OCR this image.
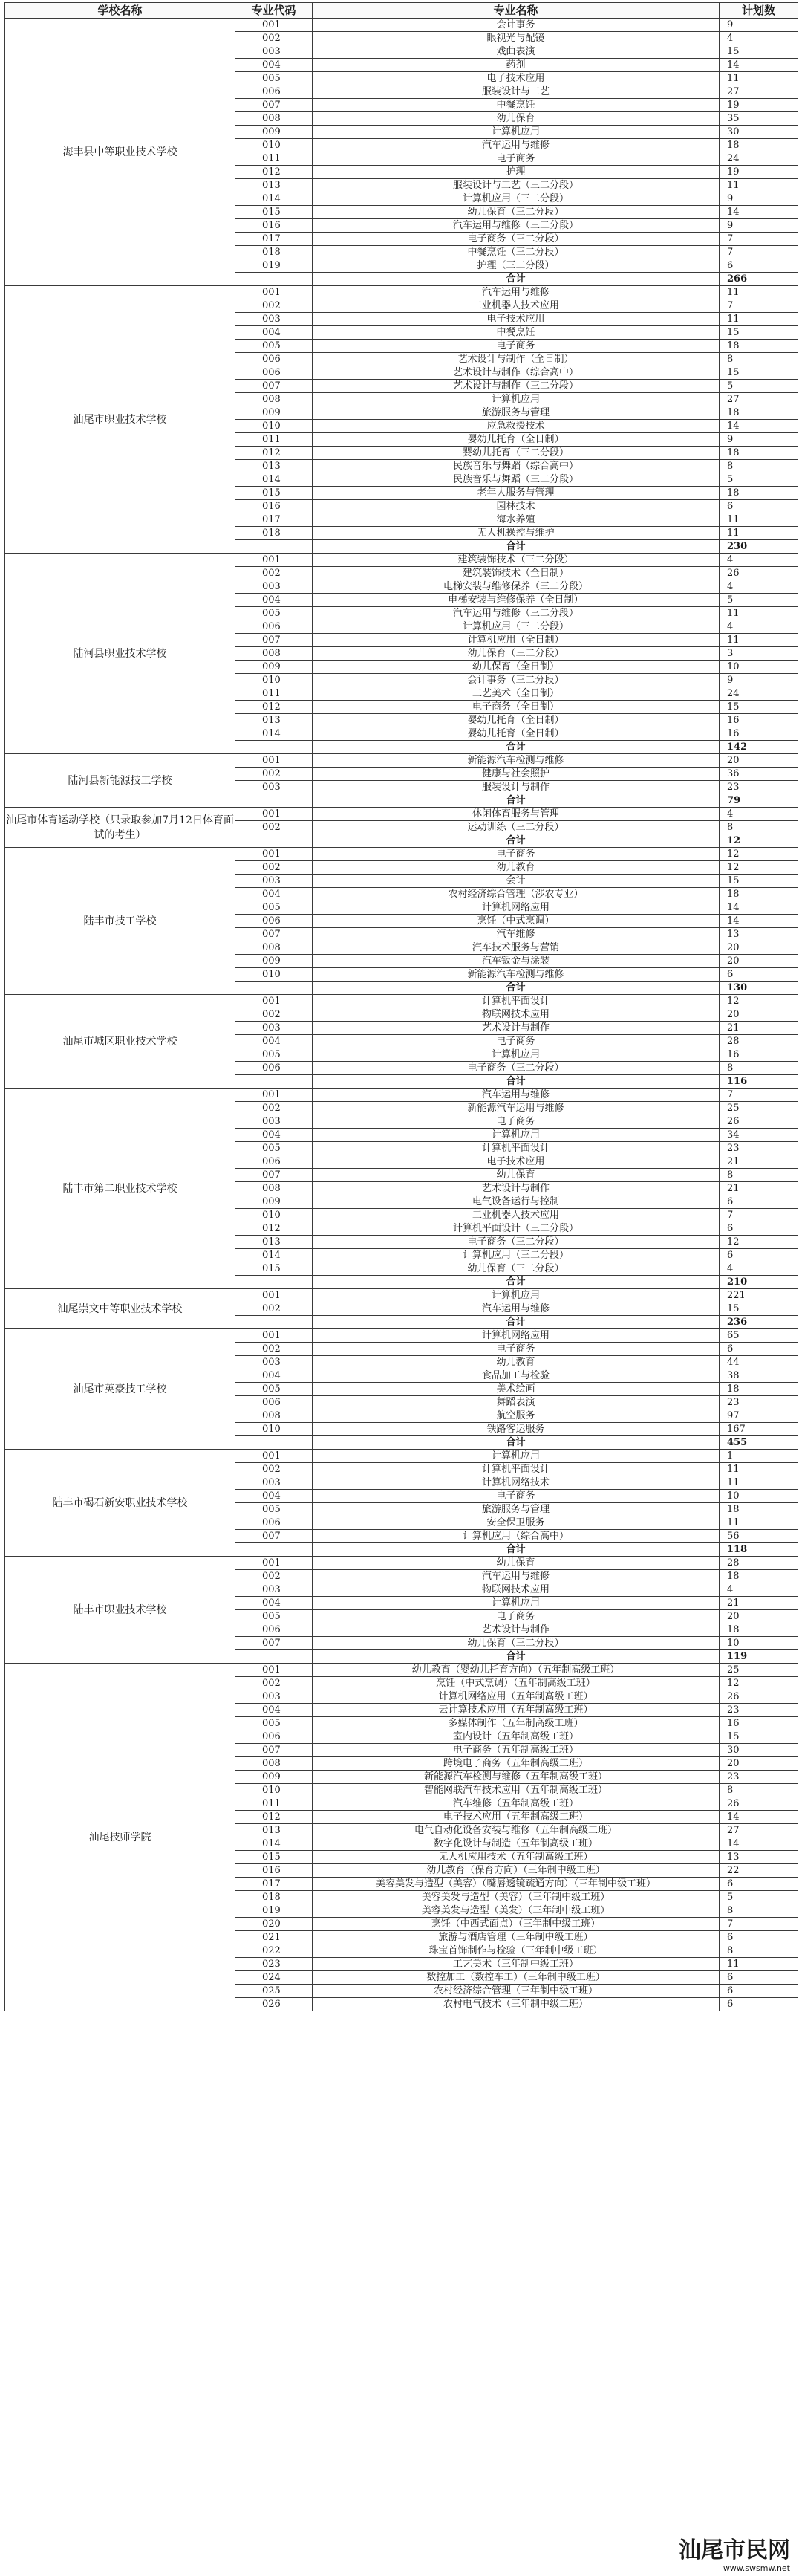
学校名称	专业代码	专业名称	计划数
海丰县中等职业技术学校	001	会计事务	9
	002	眼视光与配镜	4
	003	戏曲表演	15
	004	药剂	14
	005	电子技术应用	11
	006	服装设计与工艺	27
	007	中餐烹饪	19
	008	幼儿保育	35
	009	计算机应用	30
	010	汽车运用与维修	18
	011	电子商务	24
	012	护理	19
	013	服装设计与工艺（三二分段）	11
	014	计算机应用（三二分段）	9
	015	幼儿保育（三二分段）	14
	016	汽车运用与维修（三二分段）	9
	017	电子商务（三二分段）	7
	018	中餐烹饪（三二分段）	7
	019	护理（三二分段）	6
		合计	266
汕尾市职业技术学校	001	汽车运用与维修	11
	002	工业机器人技术应用	7
	003	电子技术应用	11
	004	中餐烹饪	15
	005	电子商务	18
	006	艺术设计与制作（全日制）	8
	006	艺术设计与制作（综合高中）	15
	007	艺术设计与制作（三二分段）	5
	008	计算机应用	27
	009	旅游服务与管理	18
	010	应急救援技术	14
	011	婴幼儿托育（全日制）	9
	012	婴幼儿托育（三二分段）	18
	013	民族音乐与舞蹈（综合高中）	8
	014	民族音乐与舞蹈（三二分段）	5
	015	老年人服务与管理	18
	016	园林技术	6
	017	海水养殖	11
	018	无人机操控与维护	11
		合计	230
陆河县职业技术学校	001	建筑装饰技术（三二分段）	4
	002	建筑装饰技术（全日制）	26
	003	电梯安装与维修保养（三二分段）	4
	004	电梯安装与维修保养（全日制）	5
	005	汽车运用与维修（三二分段）	11
	006	计算机应用（三二分段）	4
	007	计算机应用（全日制）	11
	008	幼儿保育（三二分段）	3
	009	幼儿保育（全日制）	10
	010	会计事务（三二分段）	9
	011	工艺美术（全日制）	24
	012	电子商务（全日制）	15
	013	婴幼儿托育（全日制）	16
	014	婴幼儿托育（全日制）	16
		合计	142
陆河县新能源技工学校	001	新能源汽车检测与维修	20
	002	健康与社会照护	36
	003	服装设计与制作	23
		合计	79
汕尾市体育运动学校（只录取参加7月12日体育面试的考生）	001	休闲体育服务与管理	4
	002	运动训练（三二分段）	8
		合计	12
陆丰市技工学校	001	电子商务	12
	002	幼儿教育	12
	003	会计	15
	004	农村经济综合管理（涉农专业）	18
	005	计算机网络应用	14
	006	烹饪（中式烹调）	14
	007	汽车维修	13
	008	汽车技术服务与营销	20
	009	汽车钣金与涂装	20
	010	新能源汽车检测与维修	6
		合计	130
汕尾市城区职业技术学校	001	计算机平面设计	12
	002	物联网技术应用	20
	003	艺术设计与制作	21
	004	电子商务	28
	005	计算机应用	16
	006	电子商务（三二分段）	8
		合计	116
陆丰市第二职业技术学校	001	汽车运用与维修	7
	002	新能源汽车运用与维修	25
	003	电子商务	26
	004	计算机应用	34
	005	计算机平面设计	23
	006	电子技术应用	21
	007	幼儿保育	8
	008	艺术设计与制作	21
	009	电气设备运行与控制	6
	010	工业机器人技术应用	7
	012	计算机平面设计（三二分段）	6
	013	电子商务（三二分段）	12
	014	计算机应用（三二分段）	6
	015	幼儿保育（三二分段）	4
		合计	210
汕尾崇文中等职业技术学校	001	计算机应用	221
	002	汽车运用与维修	15
		合计	236
汕尾市英豪技工学校	001	计算机网络应用	65
	002	电子商务	6
	003	幼儿教育	44
	004	食品加工与检验	38
	005	美术绘画	18
	006	舞蹈表演	23
	008	航空服务	97
	010	铁路客运服务	167
		合计	455
陆丰市碣石新安职业技术学校	001	计算机应用	1
	002	计算机平面设计	11
	003	计算机网络技术	11
	004	电子商务	10
	005	旅游服务与管理	18
	006	安全保卫服务	11
	007	计算机应用（综合高中）	56
		合计	118
陆丰市职业技术学校	001	幼儿保育	28
	002	汽车运用与维修	18
	003	物联网技术应用	4
	004	计算机应用	21
	005	电子商务	20
	006	艺术设计与制作	18
	007	幼儿保育（三二分段）	10
		合计	119
汕尾技师学院	001	幼儿教育（婴幼儿托育方向）（五年制高级工班）	25
	002	烹饪（中式烹调）（五年制高级工班）	12
	003	计算机网络应用（五年制高级工班）	26
	004	云计算技术应用（五年制高级工班）	23
	005	多媒体制作（五年制高级工班）	16
	006	室内设计（五年制高级工班）	15
	007	电子商务（五年制高级工班）	30
	008	跨境电子商务（五年制高级工班）	20
	009	新能源汽车检测与维修（五年制高级工班）	23
	010	智能网联汽车技术应用（五年制高级工班）	8
	011	汽车维修（五年制高级工班）	26
	012	电子技术应用（五年制高级工班）	14
	013	电气自动化设备安装与维修（五年制高级工班）	27
	014	数字化设计与制造（五年制高级工班）	14
	015	无人机应用技术（五年制高级工班）	13
	016	幼儿教育（保育方向）（三年制中级工班）	22
	017	美容美发与造型（美容）（嘴唇透镜疏通方向）（三年制中级工班）	6
	018	美容美发与造型（美容）（三年制中级工班）	5
	019	美容美发与造型（美发）（三年制中级工班）	8
	020	烹饪（中西式面点）（三年制中级工班）	7
	021	旅游与酒店管理（三年制中级工班）	6
	022	珠宝首饰制作与检验（三年制中级工班）	8
	023	工艺美术（三年制中级工班）	11
	024	数控加工（数控车工）（三年制中级工班）	6
	025	农村经济综合管理（三年制中级工班）	6
	026	农村电气技术（三年制中级工班）	6
汕尾市民网
www.swsmw.net
